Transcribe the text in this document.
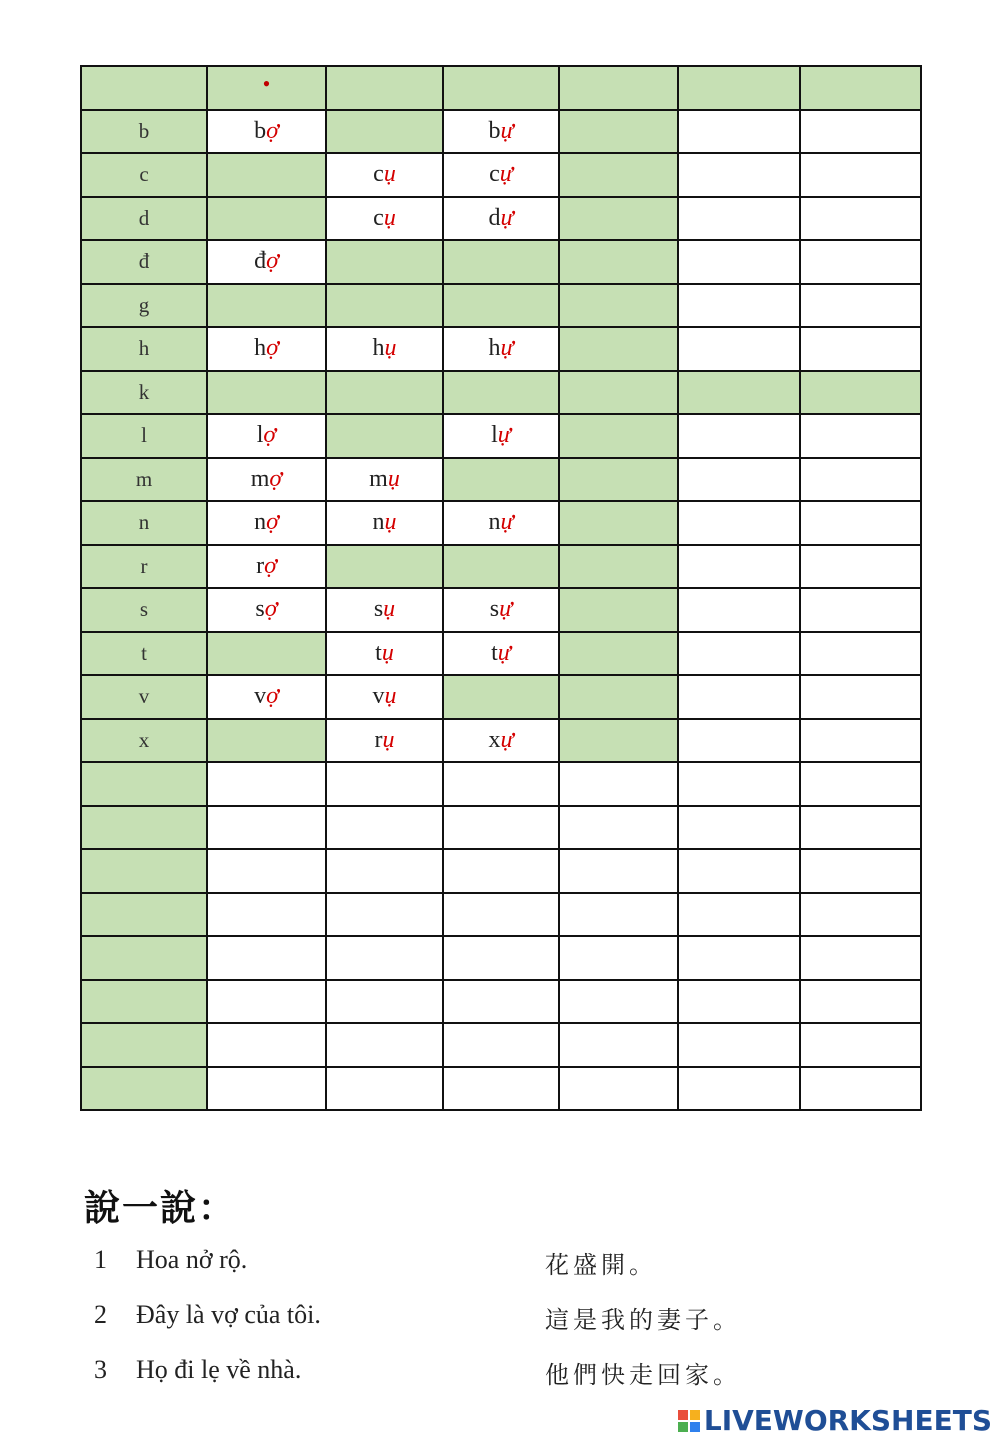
	•					
b	bợ		bự			
c		cụ	cự			
d		cụ	dự			
đ	đợ					
g						
h	hợ	hụ	hự			
k						
l	lợ		lự			
m	mợ	mụ				
n	nợ	nụ	nự			
r	rợ					
s	sợ	sụ	sự			
t		tụ	tự			
v	vợ	vụ				
x		rụ	xự			

說一說：
1 Hoa nở rộ.	花盛開。
2 Đây là vợ của tôi.	這是我的妻子。
3 Họ đi lẹ về nhà.	他們快走回家。
LIVEWORKSHEETS
